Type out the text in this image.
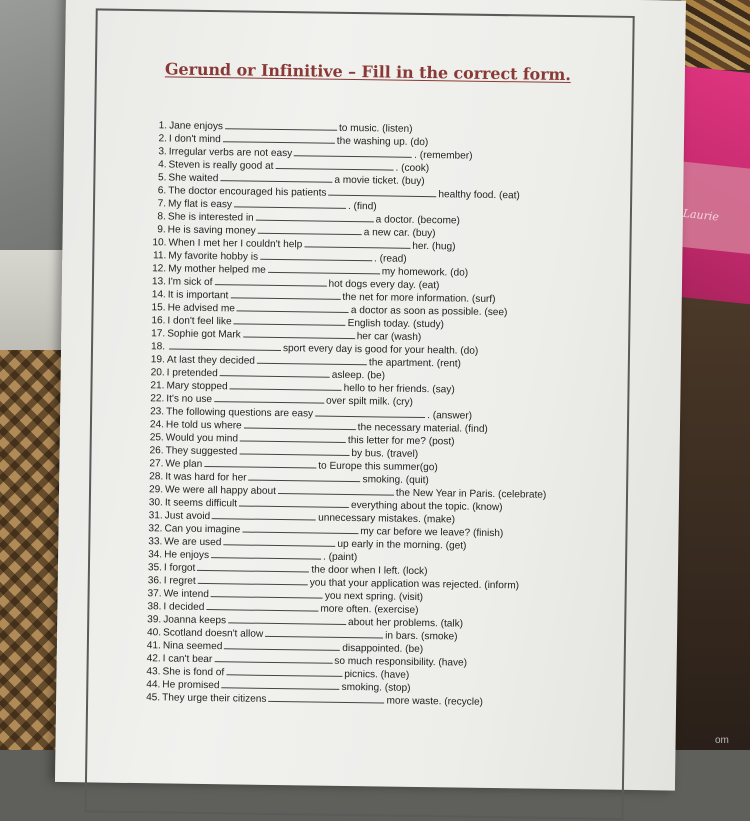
Laurie
Gerund or Infinitive – Fill in the correct form.
1. Jane enjoys	to music. (listen)
2. I don't mind	the washing up. (do)
3. Irregular verbs are not easy	. (remember)
4. Steven is really good at	. (cook)
5. She waited	a movie ticket. (buy)
6. The doctor encouraged his patients	healthy food. (eat)
7. My flat is easy	. (find)
8. She is interested in	a doctor. (become)
9. He is saving money	a new car. (buy)
10. When I met her I couldn't help	her. (hug)
11. My favorite hobby is	. (read)
12. My mother helped me	my homework. (do)
13. I'm sick of	hot dogs every day. (eat)
14. It is important	the net for more information. (surf)
15. He advised me	a doctor as soon as possible. (see)
16. I don't feel like	English today. (study)
17. Sophie got Mark	her car (wash)
18.	sport every day is good for your health. (do)
19. At last they decided	the apartment. (rent)
20. I pretended	asleep. (be)
21. Mary stopped	hello to her friends. (say)
22. It's no use	over spilt milk. (cry)
23. The following questions are easy	. (answer)
24. He told us where	the necessary material. (find)
25. Would you mind	this letter for me? (post)
26. They suggested	by bus. (travel)
27. We plan	to Europe this summer(go)
28. It was hard for her	smoking. (quit)
29. We were all happy about	the New Year in Paris. (celebrate)
30. It seems difficult	everything about the topic. (know)
31. Just avoid	unnecessary mistakes. (make)
32. Can you imagine	my car before we leave? (finish)
33. We are used	up early in the morning. (get)
34. He enjoys	. (paint)
35. I forgot	the door when I left. (lock)
36. I regret	you that your application was rejected. (inform)
37. We intend	you next spring. (visit)
38. I decided	more often. (exercise)
39. Joanna keeps	about her problems. (talk)
40. Scotland doesn't allow	in bars. (smoke)
41. Nina seemed	disappointed. (be)
42. I can't bear	so much responsibility. (have)
43. She is fond of	picnics. (have)
44. He promised	smoking. (stop)
45. They urge their citizens	more waste. (recycle)
om
